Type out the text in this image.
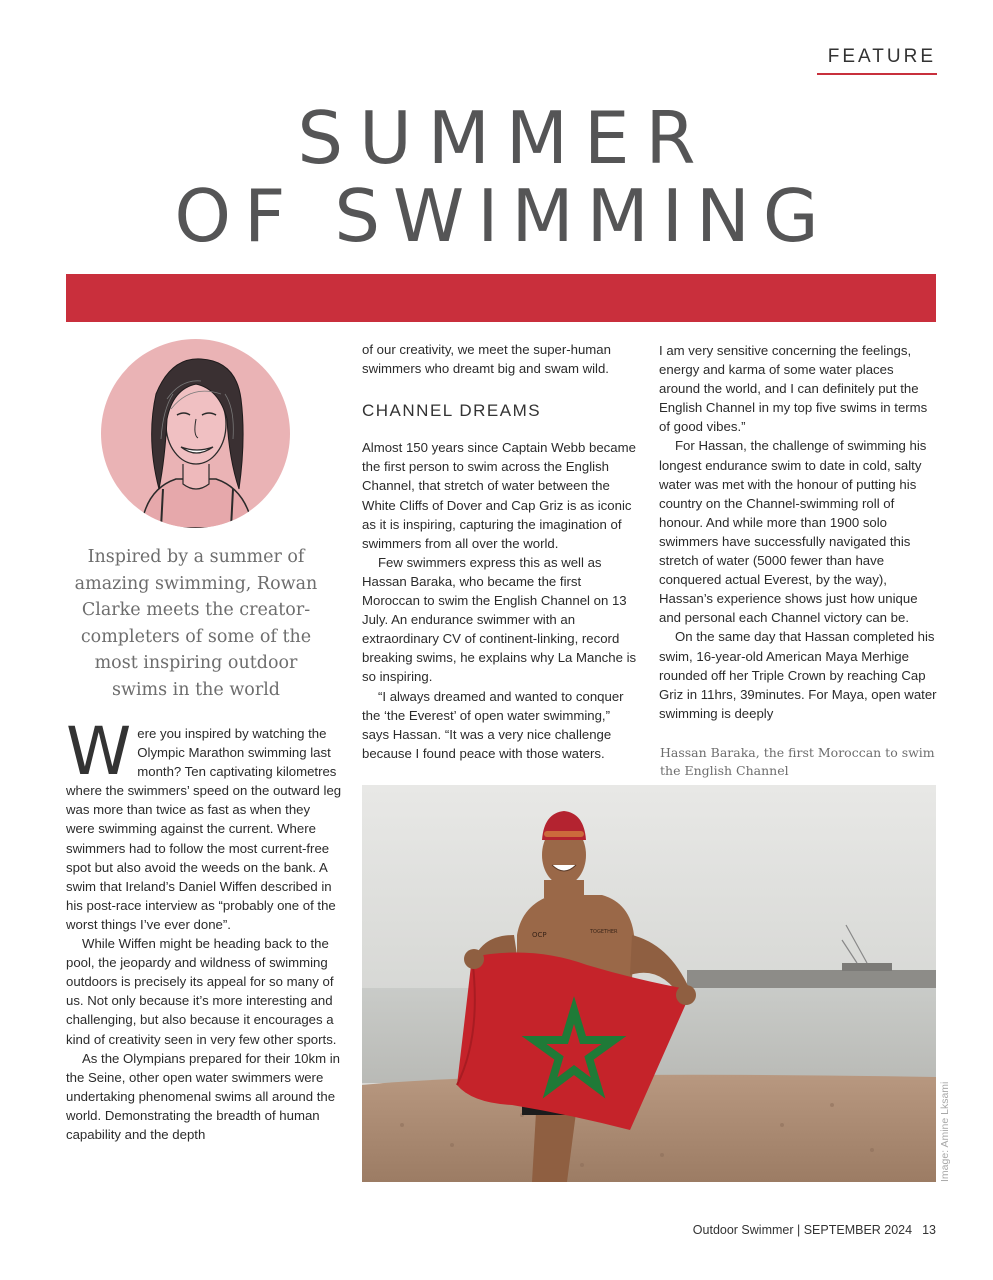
FEATURE
SUMMER
OF SWIMMING
Inspired by a summer of amazing swimming, Rowan Clarke meets the creator-completers of some of the most inspiring outdoor swims in the world
W ere you inspired by watching the Olympic Marathon swimming last month? Ten captivating kilometres where the swimmers’ speed on the outward leg was more than twice as fast as when they were swimming against the current. Where swimmers had to follow the most current-free spot but also avoid the weeds on the bank. A swim that Ireland’s Daniel Wiffen described in his post-race interview as “probably one of the worst things I’ve ever done”.

While Wiffen might be heading back to the pool, the jeopardy and wildness of swimming outdoors is precisely its appeal for so many of us. Not only because it’s more interesting and challenging, but also because it encourages a kind of creativity seen in very few other sports.

As the Olympians prepared for their 10km in the Seine, other open water swimmers were undertaking phenomenal swims all around the world. Demonstrating the breadth of human capability and the depth

of our creativity, we meet the super-human swimmers who dreamt big and swam wild.

CHANNEL DREAMS

Almost 150 years since Captain Webb became the first person to swim across the English Channel, that stretch of water between the White Cliffs of Dover and Cap Griz is as iconic as it is inspiring, capturing the imagination of swimmers from all over the world.

Few swimmers express this as well as Hassan Baraka, who became the first Moroccan to swim the English Channel on 13 July. An endurance swimmer with an extraordinary CV of continent-linking, record breaking swims, he explains why La Manche is so inspiring.

“I always dreamed and wanted to conquer the ‘the Everest’ of open water swimming,” says Hassan. “It was a very nice challenge because I found peace with those waters.

I am very sensitive concerning the feelings, energy and karma of some water places around the world, and I can definitely put the English Channel in my top five swims in terms of good vibes.”

For Hassan, the challenge of swimming his longest endurance swim to date in cold, salty water was met with the honour of putting his country on the Channel-swimming roll of honour. And while more than 1900 solo swimmers have successfully navigated this stretch of water (5000 fewer than have conquered actual Everest, by the way), Hassan’s experience shows just how unique and personal each Channel victory can be.

On the same day that Hassan completed his swim, 16-year-old American Maya Merhige rounded off her Triple Crown by reaching Cap Griz in 11hrs, 39minutes. For Maya, open water swimming is deeply

Hassan Baraka, the first Moroccan to swim the English Channel
OCP	TOGETHER
Image: Amine Lksami
Outdoor Swimmer | SEPTEMBER 2024 13
